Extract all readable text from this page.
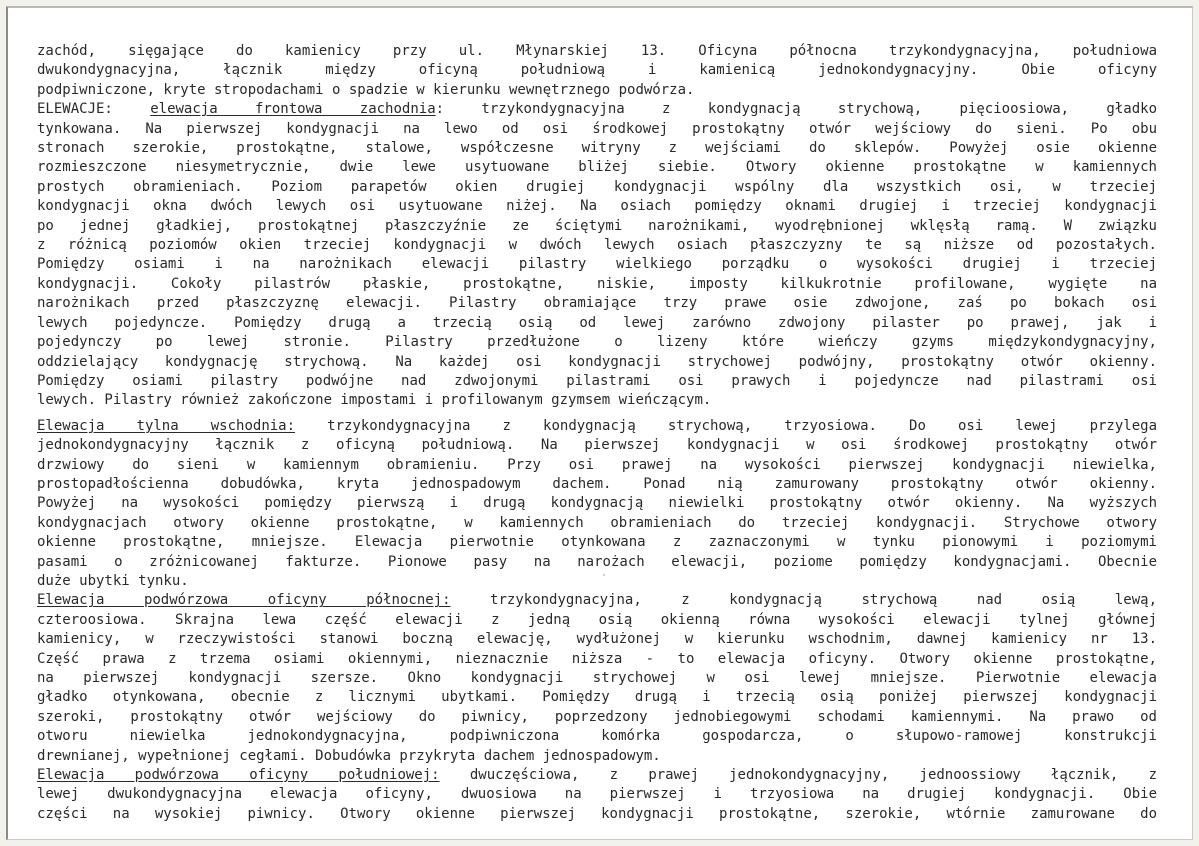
zachód, sięgające do kamienicy przy ul. Młynarskiej 13. Oficyna północna trzykondygnacyjna, południowa
dwukondygnacyjna, łącznik między oficyną południową i kamienicą jednokondygnacyjny. Obie oficyny
podpiwniczone, kryte stropodachami o spadzie w kierunku wewnętrznego podwórza.
ELEWACJE: elewacja frontowa zachodnia: trzykondygnacyjna z kondygnacją strychową, pięcioosiowa, gładko
tynkowana. Na pierwszej kondygnacji na lewo od osi środkowej prostokątny otwór wejściowy do sieni. Po obu
stronach szerokie, prostokątne, stalowe, współczesne witryny z wejściami do sklepów. Powyżej osie okienne
rozmieszczone niesymetrycznie, dwie lewe usytuowane bliżej siebie. Otwory okienne prostokątne w kamiennych
prostych obramieniach. Poziom parapetów okien drugiej kondygnacji wspólny dla wszystkich osi, w trzeciej
kondygnacji okna dwóch lewych osi usytuowane niżej. Na osiach pomiędzy oknami drugiej i trzeciej kondygnacji
po jednej gładkiej, prostokątnej płaszczyźnie ze ściętymi narożnikami, wyodrębnionej wklęsłą ramą. W związku
z różnicą poziomów okien trzeciej kondygnacji w dwóch lewych osiach płaszczyzny te są niższe od pozostałych.
Pomiędzy osiami i na narożnikach elewacji pilastry wielkiego porządku o wysokości drugiej i trzeciej
kondygnacji. Cokoły pilastrów płaskie, prostokątne, niskie, imposty kilkukrotnie profilowane, wygięte na
narożnikach przed płaszczyznę elewacji. Pilastry obramiające trzy prawe osie zdwojone, zaś po bokach osi
lewych pojedyncze. Pomiędzy drugą a trzecią osią od lewej zarówno zdwojony pilaster po prawej, jak i
pojedynczy po lewej stronie. Pilastry przedłużone o lizeny które wieńczy gzyms międzykondygnacyjny,
oddzielający kondygnację strychową. Na każdej osi kondygnacji strychowej podwójny, prostokątny otwór okienny.
Pomiędzy osiami pilastry podwójne nad zdwojonymi pilastrami osi prawych i pojedyncze nad pilastrami osi
lewych. Pilastry również zakończone impostami i profilowanym gzymsem wieńczącym.
Elewacja tylna wschodnia: trzykondygnacyjna z kondygnacją strychową, trzyosiowa. Do osi lewej przylega
jednokondygnacyjny łącznik z oficyną południową. Na pierwszej kondygnacji w osi środkowej prostokątny otwór
drzwiowy do sieni w kamiennym obramieniu. Przy osi prawej na wysokości pierwszej kondygnacji niewielka,
prostopadłościenna dobudówka, kryta jednospadowym dachem. Ponad nią zamurowany prostokątny otwór okienny.
Powyżej na wysokości pomiędzy pierwszą i drugą kondygnacją niewielki prostokątny otwór okienny. Na wyższych
kondygnacjach otwory okienne prostokątne, w kamiennych obramieniach do trzeciej kondygnacji. Strychowe otwory
okienne prostokątne, mniejsze. Elewacja pierwotnie otynkowana z zaznaczonymi w tynku pionowymi i poziomymi
pasami o zróżnicowanej fakturze. Pionowe pasy na narożach elewacji, poziome pomiędzy kondygnacjami. Obecnie
duże ubytki tynku.
Elewacja podwórzowa oficyny północnej: trzykondygnacyjna, z kondygnacją strychową nad osią lewą,
czteroosiowa. Skrajna lewa część elewacji z jedną osią okienną równa wysokości elewacji tylnej głównej
kamienicy, w rzeczywistości stanowi boczną elewację, wydłużonej w kierunku wschodnim, dawnej kamienicy nr 13.
Część prawa z trzema osiami okiennymi, nieznacznie niższa - to elewacja oficyny. Otwory okienne prostokątne,
na pierwszej kondygnacji szersze. Okno kondygnacji strychowej w osi lewej mniejsze. Pierwotnie elewacja
gładko otynkowana, obecnie z licznymi ubytkami. Pomiędzy drugą i trzecią osią poniżej pierwszej kondygnacji
szeroki, prostokątny otwór wejściowy do piwnicy, poprzedzony jednobiegowymi schodami kamiennymi. Na prawo od
otworu niewielka jednokondygnacyjna, podpiwniczona komórka gospodarcza, o słupowo-ramowej konstrukcji
drewnianej, wypełnionej cegłami. Dobudówka przykryta dachem jednospadowym.
Elewacja podwórzowa oficyny południowej: dwuczęściowa, z prawej jednokondygnacyjny, jednoossiowy łącznik, z
lewej dwukondygnacyjna elewacja oficyny, dwuosiowa na pierwszej i trzyosiowa na drugiej kondygnacji. Obie
części na wysokiej piwnicy. Otwory okienne pierwszej kondygnacji prostokątne, szerokie, wtórnie zamurowane do
